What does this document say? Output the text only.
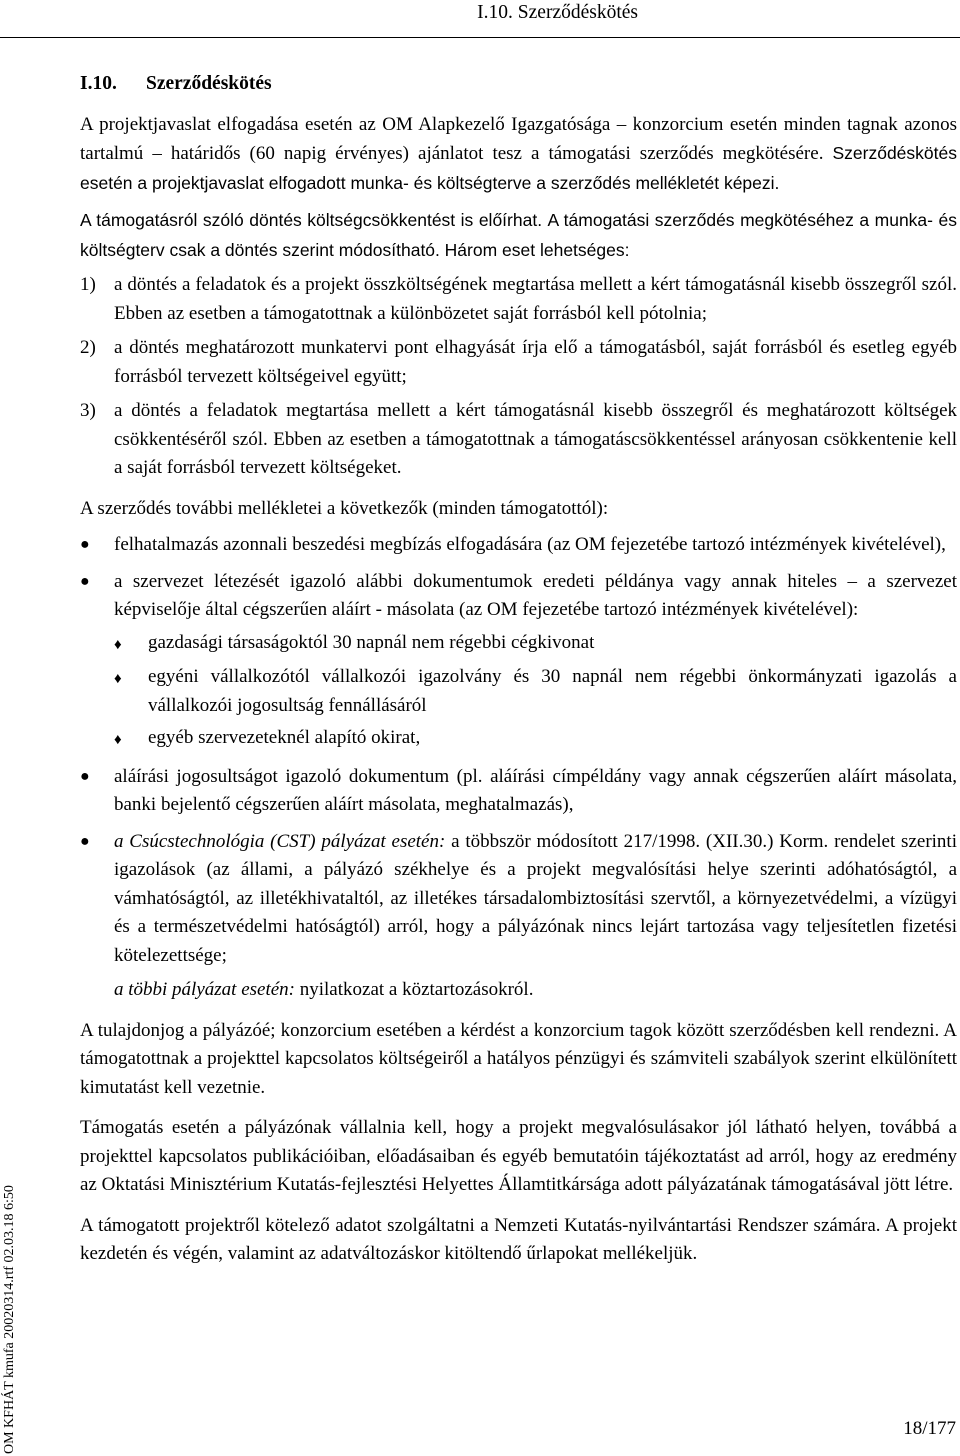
I.10. Szerződéskötés
I.10. Szerződéskötés

A projektjavaslat elfogadása esetén az OM Alapkezelő Igazgatósága – konzorcium esetén minden tagnak azonos tartalmú – határidős (60 napig érvényes) ajánlatot tesz a támogatási szerződés megkötésére. Szerződéskötés esetén a projektjavaslat elfogadott munka- és költségterve a szerződés mellékletét képezi.

A támogatásról szóló döntés költségcsökkentést is előírhat. A támogatási szerződés megkötéséhez a munka- és költségterv csak a döntés szerint módosítható. Három eset lehetséges:

1) a döntés a feladatok és a projekt összköltségének megtartása mellett a kért támogatásnál kisebb összegről szól. Ebben az esetben a támogatottnak a különbözetet saját forrásból kell pótolnia;
2) a döntés meghatározott munkatervi pont elhagyását írja elő a támogatásból, saját forrásból és esetleg egyéb forrásból tervezett költségeivel együtt;
3) a döntés a feladatok megtartása mellett a kért támogatásnál kisebb összegről és meghatározott költségek csökkentéséről szól. Ebben az esetben a támogatottnak a támogatáscsökkentéssel arányosan csökkentenie kell a saját forrásból tervezett költségeket.

A szerződés további mellékletei a következők (minden támogatottól):

●	felhatalmazás azonnali beszedési megbízás elfogadására (az OM fejezetébe tartozó intézmények kivételével),
●	a szervezet létezését igazoló alábbi dokumentumok eredeti példánya vagy annak hiteles – a szervezet képviselője által cégszerűen aláírt - másolata (az OM fejezetébe tartozó intézmények kivételével):
♦	gazdasági társaságoktól 30 napnál nem régebbi cégkivonat
♦	egyéni vállalkozótól vállalkozói igazolvány és 30 napnál nem régebbi önkormányzati igazolás a vállalkozói jogosultság fennállásáról
♦	egyéb szervezeteknél alapító okirat,
●	aláírási jogosultságot igazoló dokumentum (pl. aláírási címpéldány vagy annak cégszerűen aláírt másolata, banki bejelentő cégszerűen aláírt másolata, meghatalmazás),
●	a Csúcstechnológia (CST) pályázat esetén: a többször módosított 217/1998. (XII.30.) Korm. rendelet szerinti igazolások (az állami, a pályázó székhelye és a projekt megvalósítási helye szerinti adóhatóságtól, a vámhatóságtól, az illetékhivataltól, az illetékes társadalombiztosítási szervtől, a környezetvédelmi, a vízügyi és a természetvédelmi hatóságtól) arról, hogy a pályázónak nincs lejárt tartozása vagy teljesítetlen fizetési kötelezettsége;
a többi pályázat esetén: nyilatkozat a köztartozásokról.

A tulajdonjog a pályázóé; konzorcium esetében a kérdést a konzorcium tagok között szerződésben kell rendezni. A támogatottnak a projekttel kapcsolatos költségeiről a hatályos pénzügyi és számviteli szabályok szerint elkülönített kimutatást kell vezetnie.

Támogatás esetén a pályázónak vállalnia kell, hogy a projekt megvalósulásakor jól látható helyen, továbbá a projekttel kapcsolatos publikációiban, előadásaiban és egyéb bemutatóin tájékoztatást ad arról, hogy az eredmény az Oktatási Minisztérium Kutatás-fejlesztési Helyettes Államtitkársága adott pályázatának támogatásával jött létre.

A támogatott projektről kötelező adatot szolgáltatni a Nemzeti Kutatás-nyilvántartási Rendszer számára. A projekt kezdetén és végén, valamint az adatváltozáskor kitöltendő űrlapokat mellékeljük.

OM KFHÁT kmufa 20020314.rtf 02.03.18 6:50	18/177
